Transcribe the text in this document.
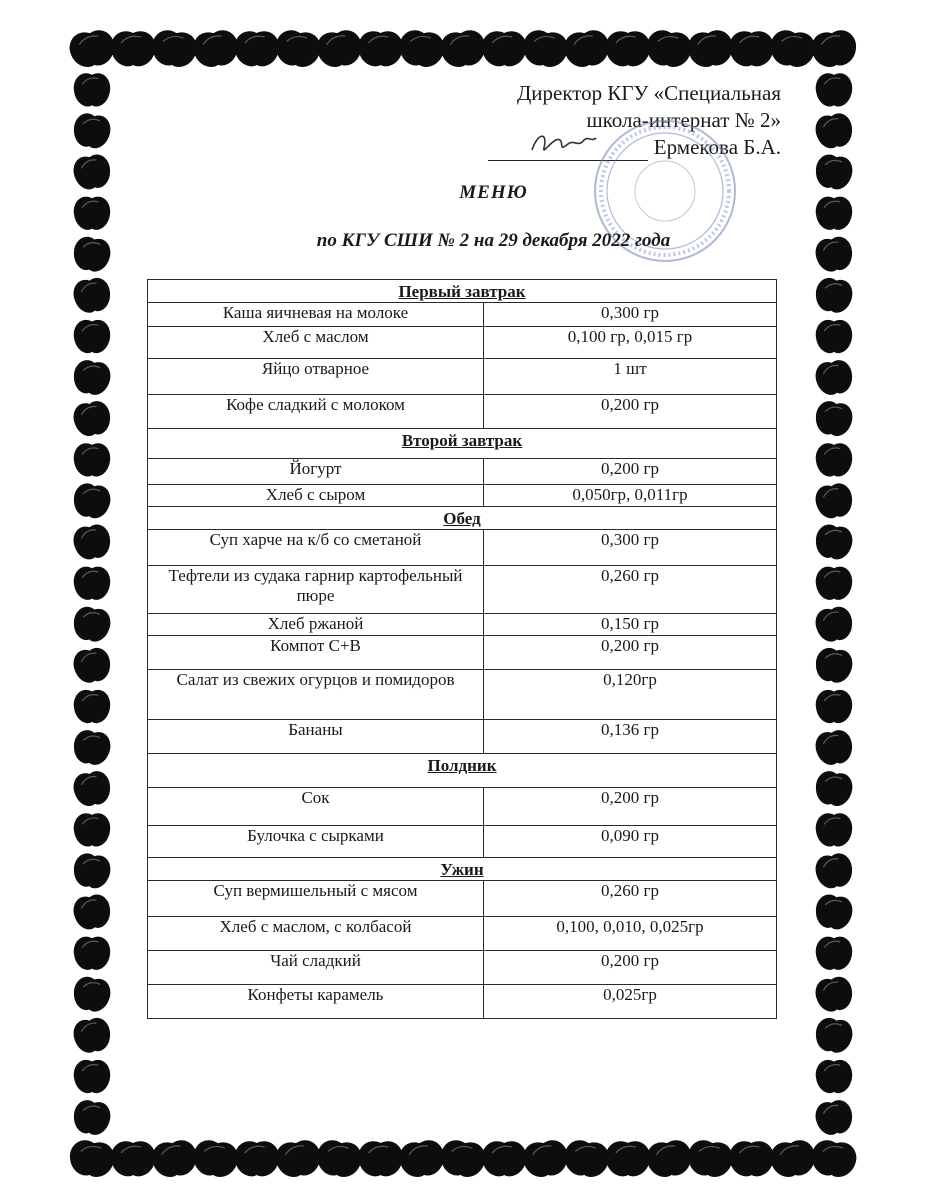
Директор КГУ «Специальная
школа-интернат № 2»
Ермекова Б.А.
МЕНЮ
по КГУ СШИ № 2 на 29 декабря 2022 года
Первый завтрак	
Каша яичневая на молоке	0,300 гр
Хлеб с маслом	0,100 гр, 0,015 гр
Яйцо отварное	1 шт
Кофе сладкий с молоком	0,200 гр
Второй завтрак	
Йогурт	0,200 гр
Хлеб с сыром	0,050гр, 0,011гр
Обед	
Суп харче на к/б со сметаной	0,300 гр
Тефтели из судака гарнир картофельный пюре	0,260 гр
Хлеб ржаной	0,150 гр
Компот С+В	0,200 гр
Салат из свежих огурцов и помидоров	0,120гр
Бананы	0,136 гр
Полдник	
Сок	0,200 гр
Булочка с сырками	0,090 гр
Ужин	
Суп вермишельный с мясом	0,260 гр
Хлеб с маслом, с колбасой	0,100, 0,010, 0,025гр
Чай сладкий	0,200 гр
Конфеты карамель	0,025гр
